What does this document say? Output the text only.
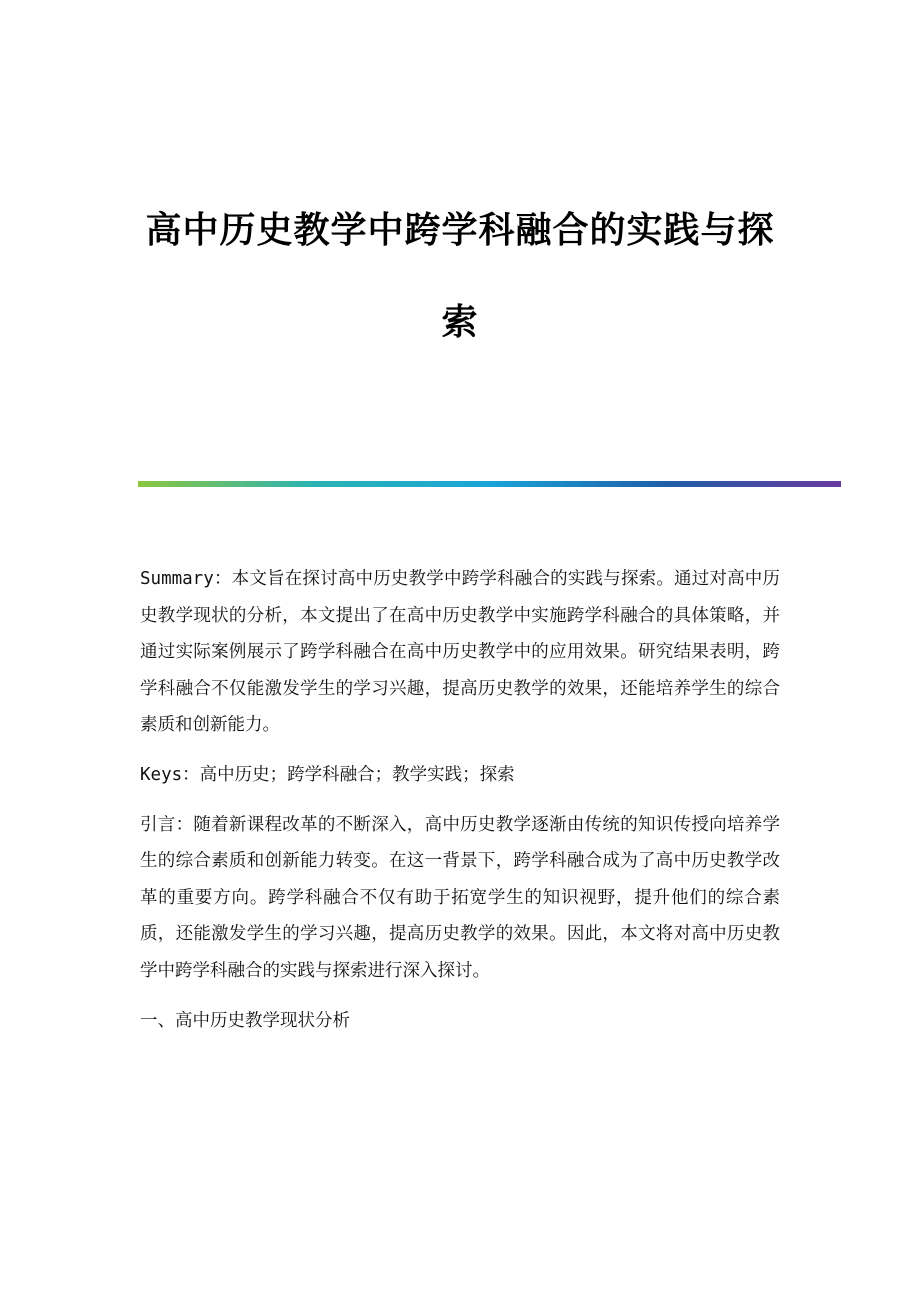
高中历史教学中跨学科融合的实践与探
索

Summary：本文旨在探讨高中历史教学中跨学科融合的实践与探索。通过对高中历史教学现状的分析，本文提出了在高中历史教学中实施跨学科融合的具体策略，并通过实际案例展示了跨学科融合在高中历史教学中的应用效果。研究结果表明，跨学科融合不仅能激发学生的学习兴趣，提高历史教学的效果，还能培养学生的综合素质和创新能力。

Keys：高中历史；跨学科融合；教学实践；探索

引言：随着新课程改革的不断深入，高中历史教学逐渐由传统的知识传授向培养学生的综合素质和创新能力转变。在这一背景下，跨学科融合成为了高中历史教学改革的重要方向。跨学科融合不仅有助于拓宽学生的知识视野，提升他们的综合素质，还能激发学生的学习兴趣，提高历史教学的效果。因此，本文将对高中历史教学中跨学科融合的实践与探索进行深入探讨。

一、高中历史教学现状分析
